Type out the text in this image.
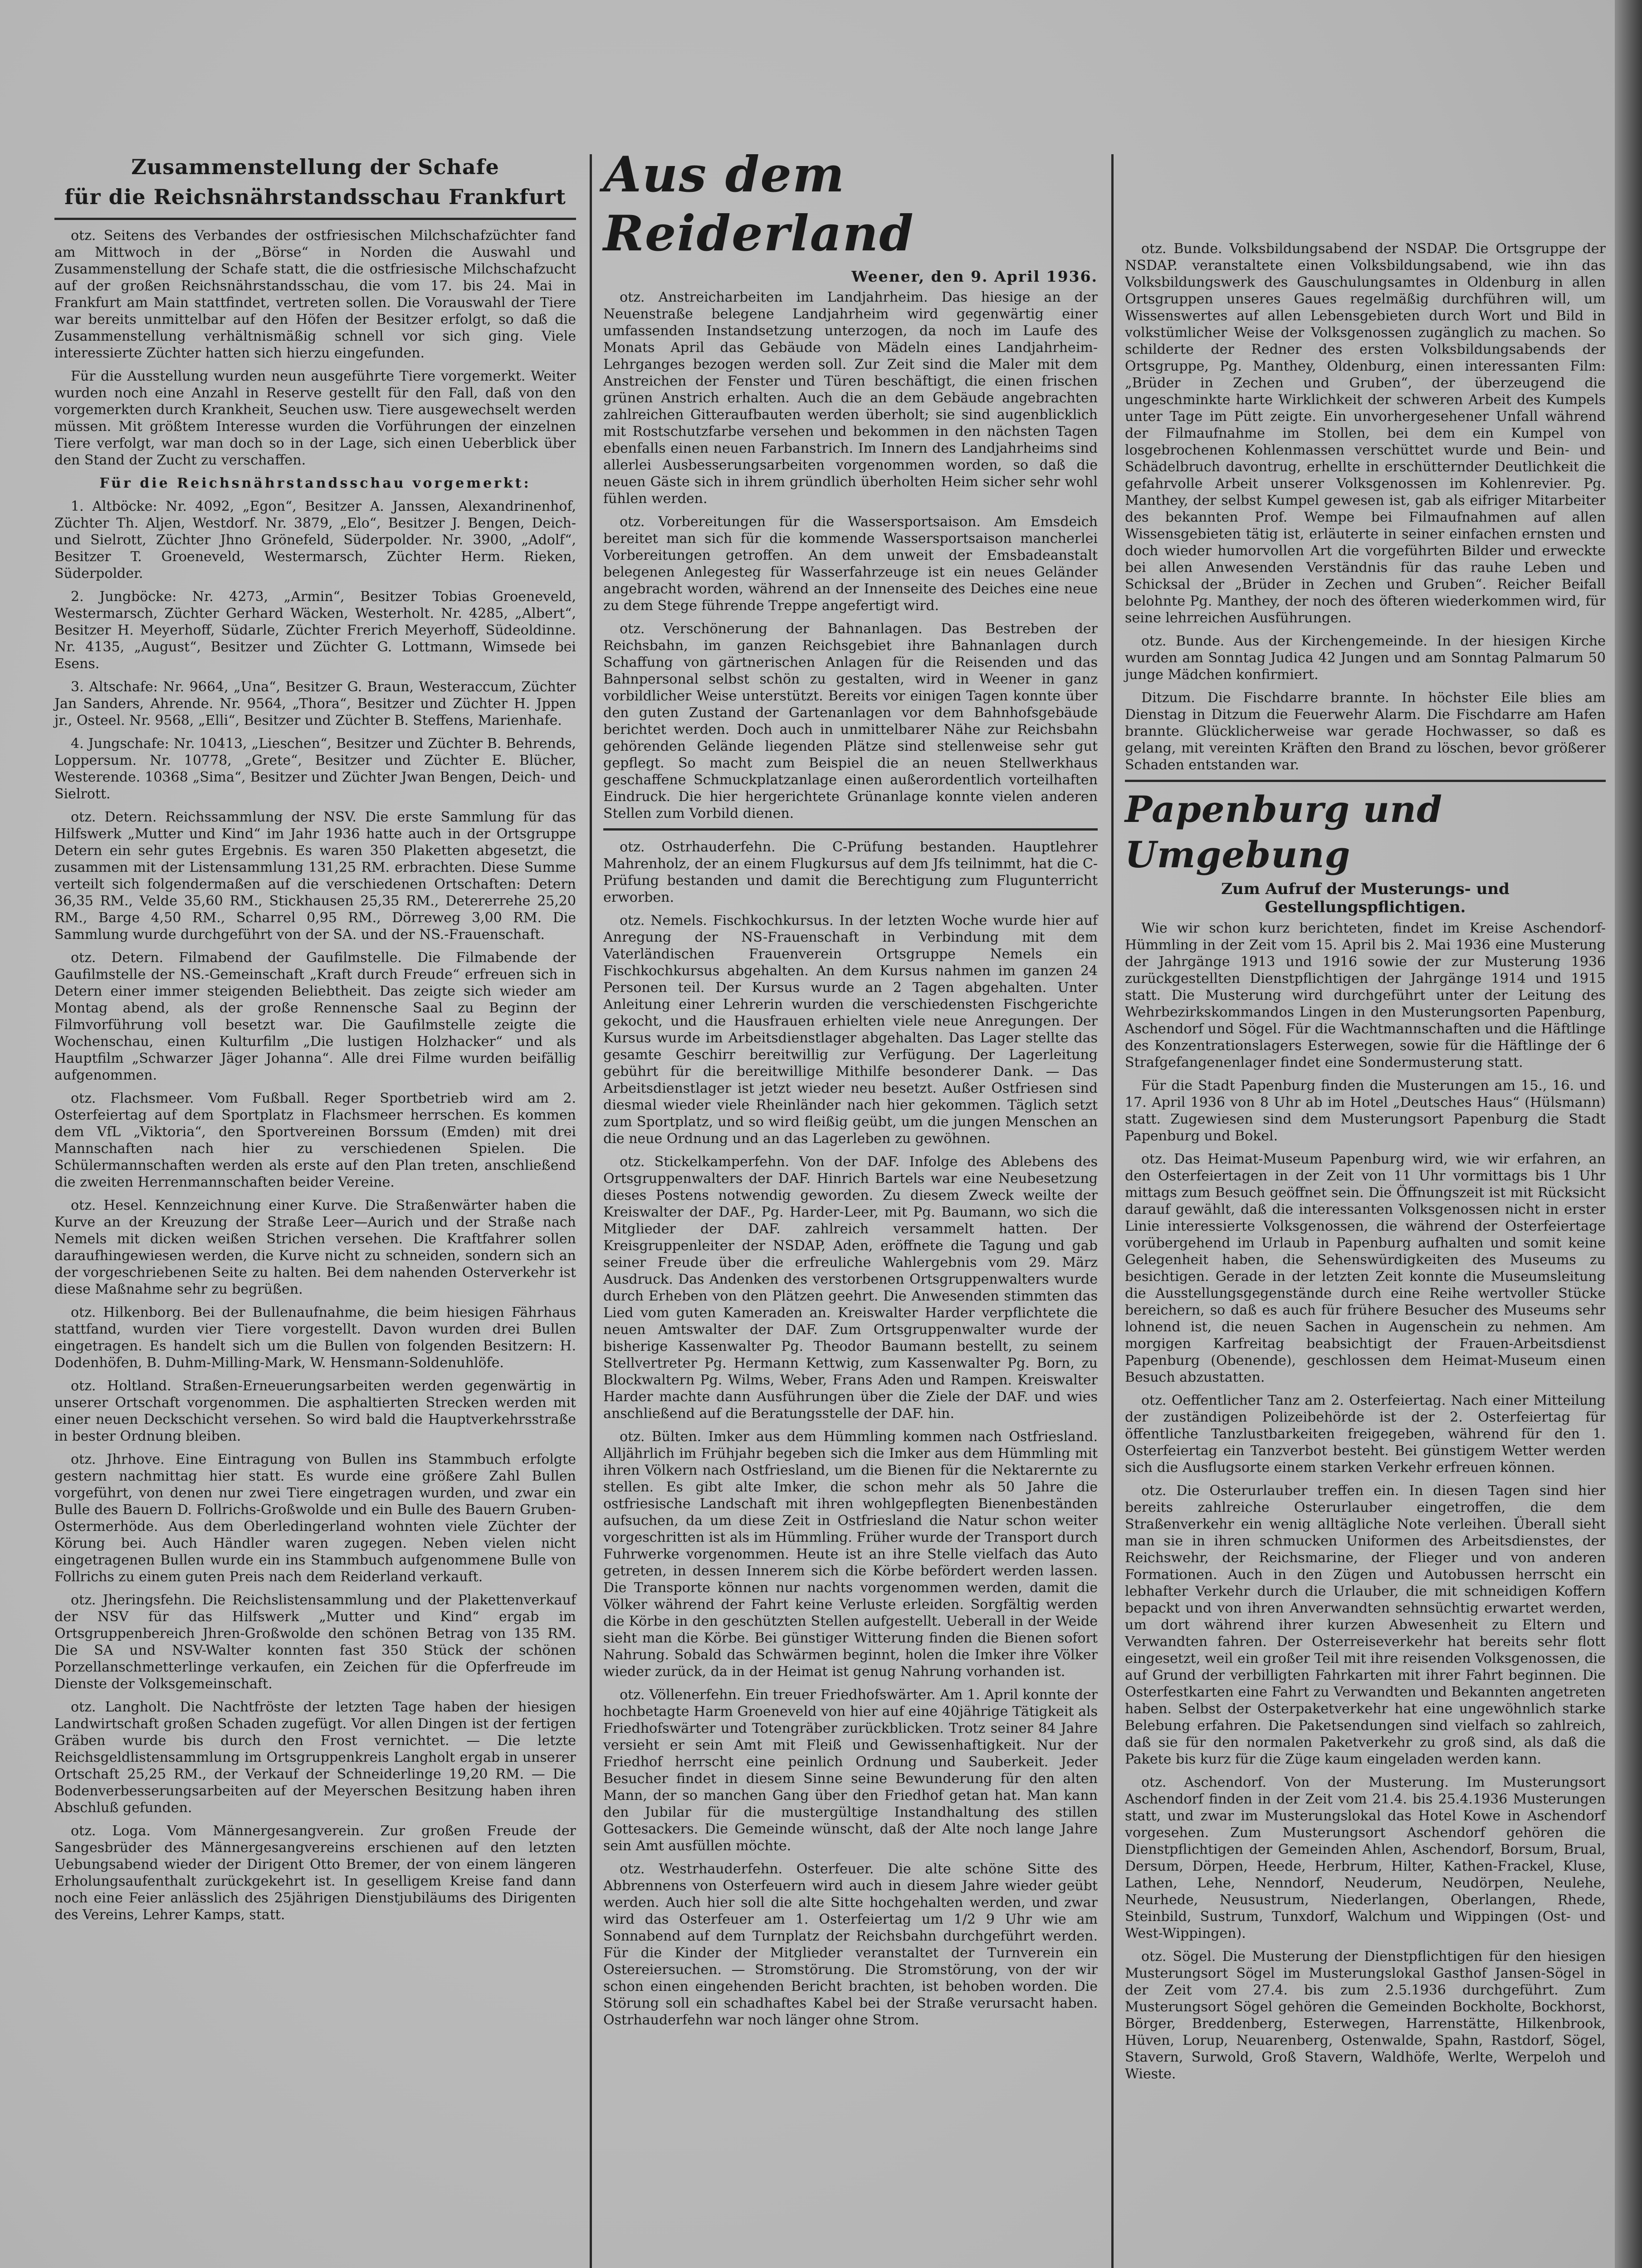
Zusammenstellung der Schafe
für die Reichsnährstandsschau Frankfurt

otz. Seitens des Verbandes der ostfriesischen Milchschafzüchter fand am Mittwoch in der „Börse“ in Norden die Auswahl und Zusammenstellung der Schafe statt, die die ostfriesische Milchschafzucht auf der großen Reichsnährstandsschau, die vom 17. bis 24. Mai in Frankfurt am Main stattfindet, vertreten sollen. Die Vorauswahl der Tiere war bereits unmittelbar auf den Höfen der Besitzer erfolgt, so daß die Zusammenstellung verhältnismäßig schnell vor sich ging. Viele interessierte Züchter hatten sich hierzu eingefunden.

Für die Ausstellung wurden neun ausgeführte Tiere vorgemerkt. Weiter wurden noch eine Anzahl in Reserve gestellt für den Fall, daß von den vorgemerkten durch Krankheit, Seuchen usw. Tiere ausgewechselt werden müssen. Mit größtem Interesse wurden die Vorführungen der einzelnen Tiere verfolgt, war man doch so in der Lage, sich einen Ueberblick über den Stand der Zucht zu verschaffen.

Für die Reichsnährstandsschau vorgemerkt:

1. Altböcke: Nr. 4092, „Egon“, Besitzer A. Janssen, Alexandrinenhof, Züchter Th. Aljen, Westdorf. Nr. 3879, „Elo“, Besitzer J. Bengen, Deich- und Sielrott, Züchter Jhno Grönefeld, Süderpolder. Nr. 3900, „Adolf“, Besitzer T. Groeneveld, Westermarsch, Züchter Herm. Rieken, Süderpolder.

2. Jungböcke: Nr. 4273, „Armin“, Besitzer Tobias Groeneveld, Westermarsch, Züchter Gerhard Wäcken, Westerholt. Nr. 4285, „Albert“, Besitzer H. Meyerhoff, Südarle, Züchter Frerich Meyerhoff, Südeoldinne. Nr. 4135, „August“, Besitzer und Züchter G. Lottmann, Wimsede bei Esens.

3. Altschafe: Nr. 9664, „Una“, Besitzer G. Braun, Westeraccum, Züchter Jan Sanders, Ahrende. Nr. 9564, „Thora“, Besitzer und Züchter H. Jppen jr., Osteel. Nr. 9568, „Elli“, Besitzer und Züchter B. Steffens, Marienhafe.

4. Jungschafe: Nr. 10413, „Lieschen“, Besitzer und Züchter B. Behrends, Loppersum. Nr. 10778, „Grete“, Besitzer und Züchter E. Blücher, Westerende. 10368 „Sima“, Besitzer und Züchter Jwan Bengen, Deich- und Sielrott.

otz. Detern. Reichssammlung der NSV. Die erste Sammlung für das Hilfswerk „Mutter und Kind“ im Jahr 1936 hatte auch in der Ortsgruppe Detern ein sehr gutes Ergebnis. Es waren 350 Plaketten abgesetzt, die zusammen mit der Listensammlung 131,25 RM. erbrachten. Diese Summe verteilt sich folgendermaßen auf die verschiedenen Ortschaften: Detern 36,35 RM., Velde 35,60 RM., Stickhausen 25,35 RM., Detererrehe 25,20 RM., Barge 4,50 RM., Scharrel 0,95 RM., Dörreweg 3,00 RM. Die Sammlung wurde durchgeführt von der SA. und der NS.-Frauenschaft.

otz. Detern. Filmabend der Gaufilmstelle. Die Filmabende der Gaufilmstelle der NS.-Gemeinschaft „Kraft durch Freude“ erfreuen sich in Detern einer immer steigenden Beliebtheit. Das zeigte sich wieder am Montag abend, als der große Rennensche Saal zu Beginn der Filmvorführung voll besetzt war. Die Gaufilmstelle zeigte die Wochenschau, einen Kulturfilm „Die lustigen Holzhacker“ und als Hauptfilm „Schwarzer Jäger Johanna“. Alle drei Filme wurden beifällig aufgenommen.

otz. Flachsmeer. Vom Fußball. Reger Sportbetrieb wird am 2. Osterfeiertag auf dem Sportplatz in Flachsmeer herrschen. Es kommen dem VfL „Viktoria“, den Sportvereinen Borssum (Emden) mit drei Mannschaften nach hier zu verschiedenen Spielen. Die Schülermannschaften werden als erste auf den Plan treten, anschließend die zweiten Herrenmannschaften beider Vereine.

otz. Hesel. Kennzeichnung einer Kurve. Die Straßenwärter haben die Kurve an der Kreuzung der Straße Leer—Aurich und der Straße nach Nemels mit dicken weißen Strichen versehen. Die Kraftfahrer sollen daraufhingewiesen werden, die Kurve nicht zu schneiden, sondern sich an der vorgeschriebenen Seite zu halten. Bei dem nahenden Osterverkehr ist diese Maßnahme sehr zu begrüßen.

otz. Hilkenborg. Bei der Bullenaufnahme, die beim hiesigen Fährhaus stattfand, wurden vier Tiere vorgestellt. Davon wurden drei Bullen eingetragen. Es handelt sich um die Bullen von folgenden Besitzern: H. Dodenhöfen, B. Duhm-Milling-Mark, W. Hensmann-Soldenuhlöfe.

otz. Holtland. Straßen-Erneuerungsarbeiten werden gegenwärtig in unserer Ortschaft vorgenommen. Die asphaltierten Strecken werden mit einer neuen Deckschicht versehen. So wird bald die Hauptverkehrsstraße in bester Ordnung bleiben.

otz. Jhrhove. Eine Eintragung von Bullen ins Stammbuch erfolgte gestern nachmittag hier statt. Es wurde eine größere Zahl Bullen vorgeführt, von denen nur zwei Tiere eingetragen wurden, und zwar ein Bulle des Bauern D. Follrichs-Großwolde und ein Bulle des Bauern Gruben-Ostermerhöde. Aus dem Oberledingerland wohnten viele Züchter der Körung bei. Auch Händler waren zugegen. Neben vielen nicht eingetragenen Bullen wurde ein ins Stammbuch aufgenommene Bulle von Follrichs zu einem guten Preis nach dem Reiderland verkauft.

otz. Jheringsfehn. Die Reichslistensammlung und der Plakettenverkauf der NSV für das Hilfswerk „Mutter und Kind“ ergab im Ortsgruppenbereich Jhren-Großwolde den schönen Betrag von 135 RM. Die SA und NSV-Walter konnten fast 350 Stück der schönen Porzellanschmetterlinge verkaufen, ein Zeichen für die Opferfreude im Dienste der Volksgemeinschaft.

otz. Langholt. Die Nachtfröste der letzten Tage haben der hiesigen Landwirtschaft großen Schaden zugefügt. Vor allen Dingen ist der fertigen Gräben wurde bis durch den Frost vernichtet. — Die letzte Reichsgeldlistensammlung im Ortsgruppenkreis Langholt ergab in unserer Ortschaft 25,25 RM., der Verkauf der Schneiderlinge 19,20 RM. — Die Bodenverbesserungsarbeiten auf der Meyerschen Besitzung haben ihren Abschluß gefunden.

otz. Loga. Vom Männergesangverein. Zur großen Freude der Sangesbrüder des Männergesangvereins erschienen auf den letzten Uebungsabend wieder der Dirigent Otto Bremer, der von einem längeren Erholungsaufenthalt zurückgekehrt ist. In geselligem Kreise fand dann noch eine Feier anlässlich des 25jährigen Dienstjubiläums des Dirigenten des Vereins, Lehrer Kamps, statt.

Aus dem Reiderland
Weener, den 9. April 1936.

otz. Anstreicharbeiten im Landjahrheim. Das hiesige an der Neuenstraße belegene Landjahrheim wird gegenwärtig einer umfassenden Instandsetzung unterzogen, da noch im Laufe des Monats April das Gebäude von Mädeln eines Landjahrheim-Lehrganges bezogen werden soll. Zur Zeit sind die Maler mit dem Anstreichen der Fenster und Türen beschäftigt, die einen frischen grünen Anstrich erhalten. Auch die an dem Gebäude angebrachten zahlreichen Gitteraufbauten werden überholt; sie sind augenblicklich mit Rostschutzfarbe versehen und bekommen in den nächsten Tagen ebenfalls einen neuen Farbanstrich. Im Innern des Landjahrheims sind allerlei Ausbesserungsarbeiten vorgenommen worden, so daß die neuen Gäste sich in ihrem gründlich überholten Heim sicher sehr wohl fühlen werden.

otz. Vorbereitungen für die Wassersportsaison. Am Emsdeich bereitet man sich für die kommende Wassersportsaison mancherlei Vorbereitungen getroffen. An dem unweit der Emsbadeanstalt belegenen Anlegesteg für Wasserfahrzeuge ist ein neues Geländer angebracht worden, während an der Innenseite des Deiches eine neue zu dem Stege führende Treppe angefertigt wird.

otz. Verschönerung der Bahnanlagen. Das Bestreben der Reichsbahn, im ganzen Reichsgebiet ihre Bahnanlagen durch Schaffung von gärtnerischen Anlagen für die Reisenden und das Bahnpersonal selbst schön zu gestalten, wird in Weener in ganz vorbildlicher Weise unterstützt. Bereits vor einigen Tagen konnte über den guten Zustand der Gartenanlagen vor dem Bahnhofsgebäude berichtet werden. Doch auch in unmittelbarer Nähe zur Reichsbahn gehörenden Gelände liegenden Plätze sind stellenweise sehr gut gepflegt. So macht zum Beispiel die an neuen Stellwerkhaus geschaffene Schmuckplatzanlage einen außerordentlich vorteilhaften Eindruck. Die hier hergerichtete Grünanlage konnte vielen anderen Stellen zum Vorbild dienen.

otz. Ostrhauderfehn. Die C-Prüfung bestanden. Hauptlehrer Mahrenholz, der an einem Flugkursus auf dem Jfs teilnimmt, hat die C-Prüfung bestanden und damit die Berechtigung zum Flugunterricht erworben.

otz. Nemels. Fischkochkursus. In der letzten Woche wurde hier auf Anregung der NS-Frauenschaft in Verbindung mit dem Vaterländischen Frauenverein Ortsgruppe Nemels ein Fischkochkursus abgehalten. An dem Kursus nahmen im ganzen 24 Personen teil. Der Kursus wurde an 2 Tagen abgehalten. Unter Anleitung einer Lehrerin wurden die verschiedensten Fischgerichte gekocht, und die Hausfrauen erhielten viele neue Anregungen. Der Kursus wurde im Arbeitsdienstlager abgehalten. Das Lager stellte das gesamte Geschirr bereitwillig zur Verfügung. Der Lagerleitung gebührt für die bereitwillige Mithilfe besonderer Dank. — Das Arbeitsdienstlager ist jetzt wieder neu besetzt. Außer Ostfriesen sind diesmal wieder viele Rheinländer nach hier gekommen. Täglich setzt zum Sportplatz, und so wird fleißig geübt, um die jungen Menschen an die neue Ordnung und an das Lagerleben zu gewöhnen.

otz. Stickelkamperfehn. Von der DAF. Infolge des Ablebens des Ortsgruppenwalters der DAF. Hinrich Bartels war eine Neubesetzung dieses Postens notwendig geworden. Zu diesem Zweck weilte der Kreiswalter der DAF., Pg. Harder-Leer, mit Pg. Baumann, wo sich die Mitglieder der DAF. zahlreich versammelt hatten. Der Kreisgruppenleiter der NSDAP, Aden, eröffnete die Tagung und gab seiner Freude über die erfreuliche Wahlergebnis vom 29. März Ausdruck. Das Andenken des verstorbenen Ortsgruppenwalters wurde durch Erheben von den Plätzen geehrt. Die Anwesenden stimmten das Lied vom guten Kameraden an. Kreiswalter Harder verpflichtete die neuen Amtswalter der DAF. Zum Ortsgruppenwalter wurde der bisherige Kassenwalter Pg. Theodor Baumann bestellt, zu seinem Stellvertreter Pg. Hermann Kettwig, zum Kassenwalter Pg. Born, zu Blockwaltern Pg. Wilms, Weber, Frans Aden und Rampen. Kreiswalter Harder machte dann Ausführungen über die Ziele der DAF. und wies anschließend auf die Beratungsstelle der DAF. hin.

otz. Bülten. Imker aus dem Hümmling kommen nach Ostfriesland. Alljährlich im Frühjahr begeben sich die Imker aus dem Hümmling mit ihren Völkern nach Ostfriesland, um die Bienen für die Nektarernte zu stellen. Es gibt alte Imker, die schon mehr als 50 Jahre die ostfriesische Landschaft mit ihren wohlgepflegten Bienenbeständen aufsuchen, da um diese Zeit in Ostfriesland die Natur schon weiter vorgeschritten ist als im Hümmling. Früher wurde der Transport durch Fuhrwerke vorgenommen. Heute ist an ihre Stelle vielfach das Auto getreten, in dessen Innerem sich die Körbe befördert werden lassen. Die Transporte können nur nachts vorgenommen werden, damit die Völker während der Fahrt keine Verluste erleiden. Sorgfältig werden die Körbe in den geschützten Stellen aufgestellt. Ueberall in der Weide sieht man die Körbe. Bei günstiger Witterung finden die Bienen sofort Nahrung. Sobald das Schwärmen beginnt, holen die Imker ihre Völker wieder zurück, da in der Heimat ist genug Nahrung vorhanden ist.

otz. Völlenerfehn. Ein treuer Friedhofswärter. Am 1. April konnte der hochbetagte Harm Groeneveld von hier auf eine 40jährige Tätigkeit als Friedhofswärter und Totengräber zurückblicken. Trotz seiner 84 Jahre versieht er sein Amt mit Fleiß und Gewissenhaftigkeit. Nur der Friedhof herrscht eine peinlich Ordnung und Sauberkeit. Jeder Besucher findet in diesem Sinne seine Bewunderung für den alten Mann, der so manchen Gang über den Friedhof getan hat. Man kann den Jubilar für die mustergültige Instandhaltung des stillen Gottesackers. Die Gemeinde wünscht, daß der Alte noch lange Jahre sein Amt ausfüllen möchte.

otz. Westrhauderfehn. Osterfeuer. Die alte schöne Sitte des Abbrennens von Osterfeuern wird auch in diesem Jahre wieder geübt werden. Auch hier soll die alte Sitte hochgehalten werden, und zwar wird das Osterfeuer am 1. Osterfeiertag um 1/2 9 Uhr wie am Sonnabend auf dem Turnplatz der Reichsbahn durchgeführt werden. Für die Kinder der Mitglieder veranstaltet der Turnverein ein Ostereiersuchen. — Stromstörung. Die Stromstörung, von der wir schon einen eingehenden Bericht brachten, ist behoben worden. Die Störung soll ein schadhaftes Kabel bei der Straße verursacht haben. Ostrhauderfehn war noch länger ohne Strom.

otz. Bunde. Volksbildungsabend der NSDAP. Die Ortsgruppe der NSDAP. veranstaltete einen Volksbildungsabend, wie ihn das Volksbildungswerk des Gauschulungsamtes in Oldenburg in allen Ortsgruppen unseres Gaues regelmäßig durchführen will, um Wissenswertes auf allen Lebensgebieten durch Wort und Bild in volkstümlicher Weise der Volksgenossen zugänglich zu machen. So schilderte der Redner des ersten Volksbildungsabends der Ortsgruppe, Pg. Manthey, Oldenburg, einen interessanten Film: „Brüder in Zechen und Gruben“, der überzeugend die ungeschminkte harte Wirklichkeit der schweren Arbeit des Kumpels unter Tage im Pütt zeigte. Ein unvorhergesehener Unfall während der Filmaufnahme im Stollen, bei dem ein Kumpel von losgebrochenen Kohlenmassen verschüttet wurde und Bein- und Schädelbruch davontrug, erhellte in erschütternder Deutlichkeit die gefahrvolle Arbeit unserer Volksgenossen im Kohlenrevier. Pg. Manthey, der selbst Kumpel gewesen ist, gab als eifriger Mitarbeiter des bekannten Prof. Wempe bei Filmaufnahmen auf allen Wissensgebieten tätig ist, erläuterte in seiner einfachen ernsten und doch wieder humorvollen Art die vorgeführten Bilder und erweckte bei allen Anwesenden Verständnis für das rauhe Leben und Schicksal der „Brüder in Zechen und Gruben“. Reicher Beifall belohnte Pg. Manthey, der noch des öfteren wiederkommen wird, für seine lehrreichen Ausführungen.

otz. Bunde. Aus der Kirchengemeinde. In der hiesigen Kirche wurden am Sonntag Judica 42 Jungen und am Sonntag Palmarum 50 junge Mädchen konfirmiert.

Ditzum. Die Fischdarre brannte. In höchster Eile blies am Dienstag in Ditzum die Feuerwehr Alarm. Die Fischdarre am Hafen brannte. Glücklicherweise war gerade Hochwasser, so daß es gelang, mit vereinten Kräften den Brand zu löschen, bevor größerer Schaden entstanden war.

Papenburg und Umgebung
Zum Aufruf der Musterungs- und Gestellungspflichtigen.

Wie wir schon kurz berichteten, findet im Kreise Aschendorf-Hümmling in der Zeit vom 15. April bis 2. Mai 1936 eine Musterung der Jahrgänge 1913 und 1916 sowie der zur Musterung 1936 zurückgestellten Dienstpflichtigen der Jahrgänge 1914 und 1915 statt. Die Musterung wird durchgeführt unter der Leitung des Wehrbezirkskommandos Lingen in den Musterungsorten Papenburg, Aschendorf und Sögel. Für die Wachtmannschaften und die Häftlinge des Konzentrationslagers Esterwegen, sowie für die Häftlinge der 6 Strafgefangenenlager findet eine Sondermusterung statt.

Für die Stadt Papenburg finden die Musterungen am 15., 16. und 17. April 1936 von 8 Uhr ab im Hotel „Deutsches Haus“ (Hülsmann) statt. Zugewiesen sind dem Musterungsort Papenburg die Stadt Papenburg und Bokel.

otz. Das Heimat-Museum Papenburg wird, wie wir erfahren, an den Osterfeiertagen in der Zeit von 11 Uhr vormittags bis 1 Uhr mittags zum Besuch geöffnet sein. Die Öffnungszeit ist mit Rücksicht darauf gewählt, daß die interessanten Volksgenossen nicht in erster Linie interessierte Volksgenossen, die während der Osterfeiertage vorübergehend im Urlaub in Papenburg aufhalten und somit keine Gelegenheit haben, die Sehenswürdigkeiten des Museums zu besichtigen. Gerade in der letzten Zeit konnte die Museumsleitung die Ausstellungsgegenstände durch eine Reihe wertvoller Stücke bereichern, so daß es auch für frühere Besucher des Museums sehr lohnend ist, die neuen Sachen in Augenschein zu nehmen. Am morgigen Karfreitag beabsichtigt der Frauen-Arbeitsdienst Papenburg (Obenende), geschlossen dem Heimat-Museum einen Besuch abzustatten.

otz. Oeffentlicher Tanz am 2. Osterfeiertag. Nach einer Mitteilung der zuständigen Polizeibehörde ist der 2. Osterfeiertag für öffentliche Tanzlustbarkeiten freigegeben, während für den 1. Osterfeiertag ein Tanzverbot besteht. Bei günstigem Wetter werden sich die Ausflugsorte einem starken Verkehr erfreuen können.

otz. Die Osterurlauber treffen ein. In diesen Tagen sind hier bereits zahlreiche Osterurlauber eingetroffen, die dem Straßenverkehr ein wenig alltägliche Note verleihen. Überall sieht man sie in ihren schmucken Uniformen des Arbeitsdienstes, der Reichswehr, der Reichsmarine, der Flieger und von anderen Formationen. Auch in den Zügen und Autobussen herrscht ein lebhafter Verkehr durch die Urlauber, die mit schneidigen Koffern bepackt und von ihren Anverwandten sehnsüchtig erwartet werden, um dort während ihrer kurzen Abwesenheit zu Eltern und Verwandten fahren. Der Osterreiseverkehr hat bereits sehr flott eingesetzt, weil ein großer Teil mit ihre reisenden Volksgenossen, die auf Grund der verbilligten Fahrkarten mit ihrer Fahrt beginnen. Die Osterfestkarten eine Fahrt zu Verwandten und Bekannten angetreten haben. Selbst der Osterpaketverkehr hat eine ungewöhnlich starke Belebung erfahren. Die Paketsendungen sind vielfach so zahlreich, daß sie für den normalen Paketverkehr zu groß sind, als daß die Pakete bis kurz für die Züge kaum eingeladen werden kann.

otz. Aschendorf. Von der Musterung. Im Musterungsort Aschendorf finden in der Zeit vom 21.4. bis 25.4.1936 Musterungen statt, und zwar im Musterungslokal das Hotel Kowe in Aschendorf vorgesehen. Zum Musterungsort Aschendorf gehören die Dienstpflichtigen der Gemeinden Ahlen, Aschendorf, Borsum, Brual, Dersum, Dörpen, Heede, Herbrum, Hilter, Kathen-Frackel, Kluse, Lathen, Lehe, Nenndorf, Neuderum, Neudörpen, Neulehe, Neurhede, Neusustrum, Niederlangen, Oberlangen, Rhede, Steinbild, Sustrum, Tunxdorf, Walchum und Wippingen (Ost- und West-Wippingen).

otz. Sögel. Die Musterung der Dienstpflichtigen für den hiesigen Musterungsort Sögel im Musterungslokal Gasthof Jansen-Sögel in der Zeit vom 27.4. bis zum 2.5.1936 durchgeführt. Zum Musterungsort Sögel gehören die Gemeinden Bockholte, Bockhorst, Börger, Breddenberg, Esterwegen, Harrenstätte, Hilkenbrook, Hüven, Lorup, Neuarenberg, Ostenwalde, Spahn, Rastdorf, Sögel, Stavern, Surwold, Groß Stavern, Waldhöfe, Werlte, Werpeloh und Wieste.
